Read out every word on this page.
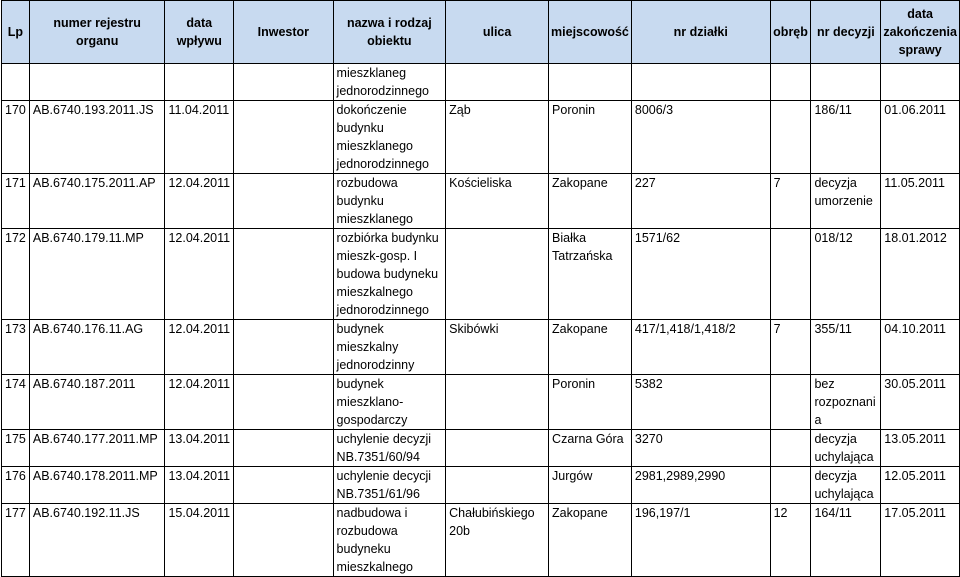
Lp	numer rejestru organu	data wpływu	Inwestor	nazwa i rodzaj obiektu	ulica	miejscowość	nr działki	obręb	nr decyzji	data zakończenia sprawy
				mieszklaneg jednorodzinnego						
170	AB.6740.193.2011.JS	11.04.2011		dokończenie budynku mieszklanego jednorodzinnego	Ząb	Poronin	8006/3		186/11	01.06.2011
171	AB.6740.175.2011.AP	12.04.2011		rozbudowa budynku mieszklanego	Kościeliska	Zakopane	227	7	decyzja umorzenie	11.05.2011
172	AB.6740.179.11.MP	12.04.2011		rozbiórka budynku mieszk-gosp. I budowa budyneku mieszkalnego jednorodzinnego		Białka Tatrzańska	1571/62		018/12	18.01.2012
173	AB.6740.176.11.AG	12.04.2011		budynek mieszkalny jednorodzinny	Skibówki	Zakopane	417/1,418/1,418/2	7	355/11	04.10.2011
174	AB.6740.187.2011	12.04.2011		budynek mieszklano-gospodarczy		Poronin	5382		bez rozpoznani a	30.05.2011
175	AB.6740.177.2011.MP	13.04.2011		uchylenie decyzji NB.7351/60/94		Czarna Góra	3270		decyzja uchylająca	13.05.2011
176	AB.6740.178.2011.MP	13.04.2011		uchylenie decycji NB.7351/61/96		Jurgów	2981,2989,2990		decyzja uchylająca	12.05.2011
177	AB.6740.192.11.JS	15.04.2011		nadbudowa i rozbudowa budyneku mieszkalnego	Chałubińskiego 20b	Zakopane	196,197/1	12	164/11	17.05.2011
